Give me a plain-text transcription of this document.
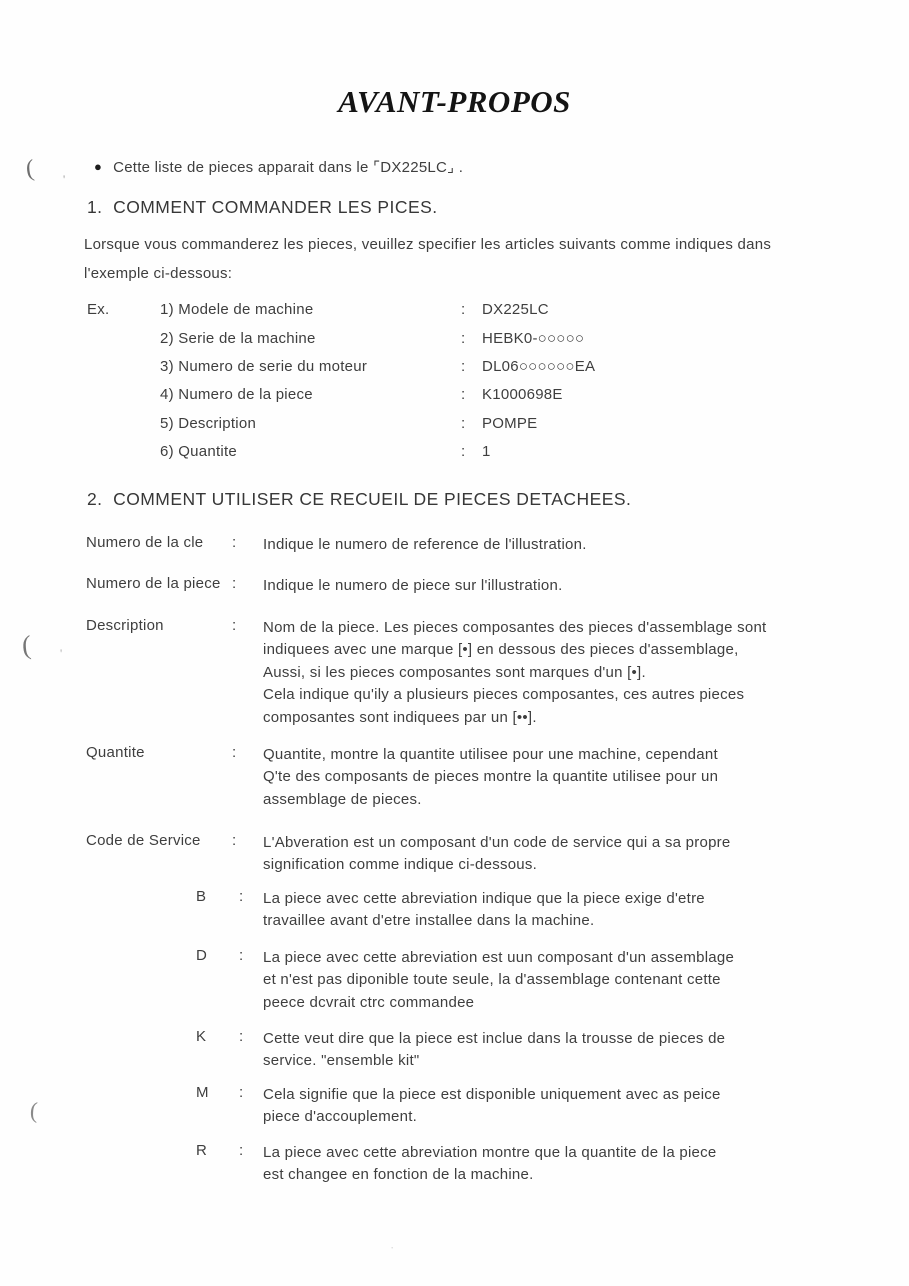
( '
( '
(
·
AVANT-PROPOS
● Cette liste de pieces apparait dans le ⌜DX225LC⌟ .
1.  COMMENT COMMANDER LES PICES.
Lorsque vous commanderez les pieces, veuillez specifier les articles suivants comme indiques dans
l'exemple ci-dessous:
Ex.	1) Modele de machine	: DX225LC
2) Serie de la machine	: HEBK0-○○○○○
3) Numero de serie du moteur	: DL06○○○○○○EA
4) Numero de la piece	: K1000698E
5) Description	: POMPE
6) Quantite	: 1
2.  COMMENT UTILISER CE RECUEIL DE PIECES DETACHEES.
Numero de la cle : Indique le numero de reference de l'illustration.
Numero de la piece : Indique le numero de piece sur l'illustration.
Description	: Nom de la piece. Les pieces composantes des pieces d'assemblage sont
indiquees avec une marque [•] en dessous des pieces d'assemblage,
Aussi, si les pieces composantes sont marques d'un [•].
Cela indique qu'ily a plusieurs pieces composantes, ces autres pieces
composantes sont indiquees par un [••].
Quantite	: Quantite, montre la quantite utilisee pour une machine, cependant
Q'te des composants de pieces montre la quantite utilisee pour un
assemblage de pieces.
Code de Service : L'Abveration est un composant d'un code de service qui a sa propre
signification comme indique ci-dessous.
B : La piece avec cette abreviation indique que la piece exige d'etre
travaillee avant d'etre installee dans la machine.
D : La piece avec cette abreviation est uun composant d'un assemblage
et n'est pas diponible toute seule, la d'assemblage contenant cette
peece dcvrait ctrc commandee
K : Cette veut dire que la piece est inclue dans la trousse de pieces de
service. "ensemble kit"
M : Cela signifie que la piece est disponible uniquement avec as peice
piece d'accouplement.
R : La piece avec cette abreviation montre que la quantite de la piece
est changee en fonction de la machine.
